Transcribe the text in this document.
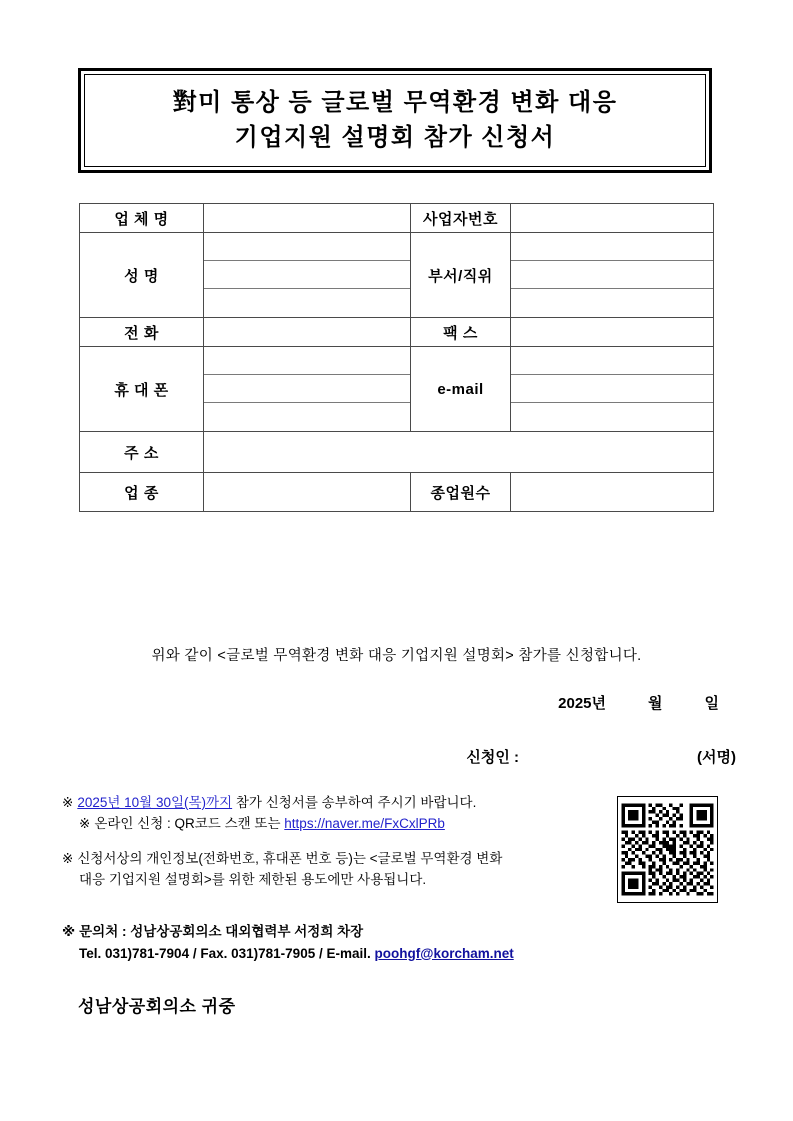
對미 통상 등 글로벌 무역환경 변화 대응
기업지원 설명회 참가 신청서
업 체 명		사업자번호	

성 명		부서/직위	

전 화		팩 스	

휴 대 폰		e-mail	

주 소			

업 종		종업원수	
위와 같이 <글로벌 무역환경 변화 대응 기업지원 설명회> 참가를 신청합니다.
2025년	월	일
신청인 :	(서명)
※ 2025년 10월 30일(목)까지 참가 신청서를 송부하여 주시기 바랍니다.
※ 온라인 신청 : QR코드 스캔 또는 https://naver.me/FxCxlPRb
※ 신청서상의 개인정보(전화번호, 휴대폰 번호 등)는 <글로벌 무역환경 변화
대응 기업지원 설명회>를 위한 제한된 용도에만 사용됩니다.
※ 문의처 : 성남상공회의소 대외협력부 서정희 차장
Tel. 031)781-7904 / Fax. 031)781-7905 / E-mail. poohgf@korcham.net
성남상공회의소 귀중
